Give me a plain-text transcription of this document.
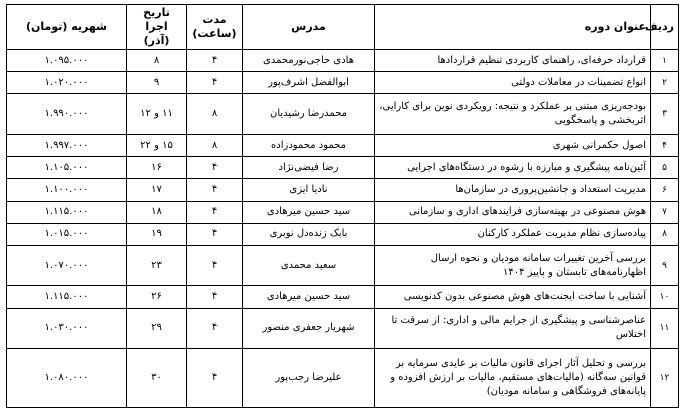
ردیف	عنوان دوره	مدرس	مدت (ساعت)	تاریخ اجرا (آذر)	شهریه (تومان)
۱	قرارداد حرفه‌ای، راهنمای کاربردی تنظیم قراردادها	هادی حاجی‌نورمحمدی	۴	۸	۱.۰۹۵.۰۰۰
۲	انواع تضمینات در معاملات دولتی	ابوالفضل اشرف‌پور	۴	۹	۱.۰۲۰.۰۰۰
۳	بودجه‌ریزی مبتنی بر عملکرد و نتیجه: رویکردی نوین برای کارایی، اثربخشی و پاسخگویی	محمدرضا رشیدیان	۸	۱۱ و ۱۲	۱.۹۹۰.۰۰۰
۴	اصول حکمرانی شهری	محمود محمودزاده	۸	۱۵ و ۲۲	۱.۹۹۷.۰۰۰
۵	آئین‌نامه پیشگیری و مبارزه با رشوه در دستگاه‌های اجرایی	رضا فیضی‌نژاد	۴	۱۶	۱.۱۰۵.۰۰۰
۶	مدیریت استعداد و جانشین‌پروری در سازمان‌ها	نادیا ایزی	۴	۱۷	۱.۱۰۰.۰۰۰
۷	هوش مصنوعی در بهینه‌سازی فرایندهای اداری و سازمانی	سید حسین میرهادی	۴	۱۸	۱.۱۱۵.۰۰۰
۸	پیاده‌سازی نظام مدیریت عملکرد کارکنان	بابک زنده‌دل نوبری	۴	۱۹	۱.۰۱۵.۰۰۰
۹	بررسی آخرین تغییرات سامانه مودیان و نحوه ارسال اظهارنامه‌های تابستان و پاییز ۱۴۰۴	سعید محمدی	۴	۲۳	۱.۰۷۰.۰۰۰
۱۰	آشنایی با ساخت ایجنت‌های هوش مصنوعی بدون کدنویسی	سید حسین میرهادی	۴	۲۶	۱.۱۱۵.۰۰۰
۱۱	عناصرشناسی و پیشگیری از جرایم مالی و اداری: از سرقت تا اختلاس	شهریار جعفری منصور	۴	۲۹	۱.۰۳۰.۰۰۰
۱۲	بررسی و تحلیل آثار اجرای قانون مالیات بر عایدی سرمایه بر قوانین سه‌گانه (مالیات‌های مستقیم، مالیات بر ارزش افزوده و پایانه‌های فروشگاهی و سامانه مودیان)	علیرضا رجب‌پور	۴	۳۰	۱.۰۸۰.۰۰۰
